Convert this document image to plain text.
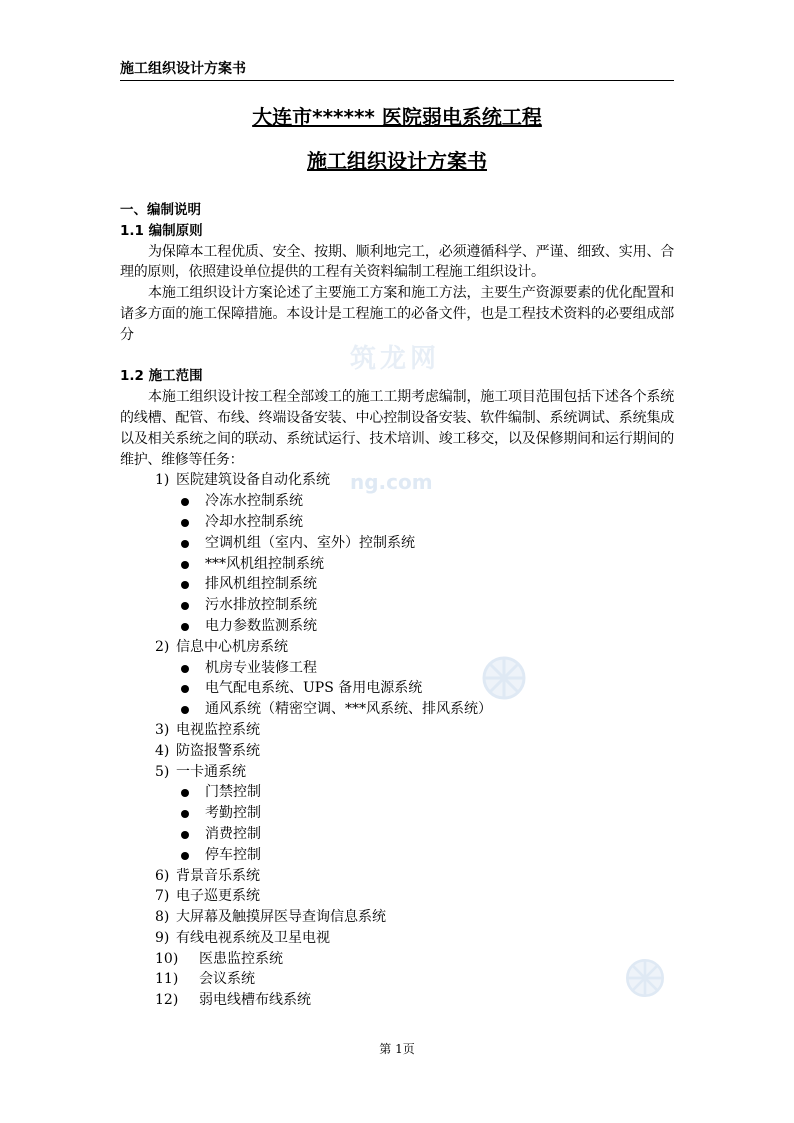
施工组织设计方案书

大连市****** 医院弱电系统工程

施工组织设计方案书

筑龙网
ng.com

一、编制说明

1.1 编制原则

为保障本工程优质、安全、按期、顺利地完工，必须遵循科学、严谨、细致、实用、合理的原则，依照建设单位提供的工程有关资料编制工程施工组织设计。

本施工组织设计方案论述了主要施工方案和施工方法，主要生产资源要素的优化配置和诸多方面的施工保障措施。本设计是工程施工的必备文件，也是工程技术资料的必要组成部分

1.2 施工范围

本施工组织设计按工程全部竣工的施工工期考虑编制，施工项目范围包括下述各个系统的线槽、配管、布线、终端设备安装、中心控制设备安装、软件编制、系统调试、系统集成以及相关系统之间的联动、系统试运行、技术培训、竣工移交，以及保修期间和运行期间的维护、维修等任务：

1) 医院建筑设备自动化系统
冷冻水控制系统
冷却水控制系统
空调机组（室内、室外）控制系统
***风机组控制系统
排风机组控制系统
污水排放控制系统
电力参数监测系统
2) 信息中心机房系统
机房专业装修工程
电气配电系统、UPS 备用电源系统
通风系统（精密空调、***风系统、排风系统）
3) 电视监控系统
4) 防盗报警系统
5) 一卡通系统
门禁控制
考勤控制
消费控制
停车控制
6) 背景音乐系统
7) 电子巡更系统
8) 大屏幕及触摸屏医导查询信息系统
9) 有线电视系统及卫星电视
10) 医患监控系统
11) 会议系统
12) 弱电线槽布线系统
第 1页
